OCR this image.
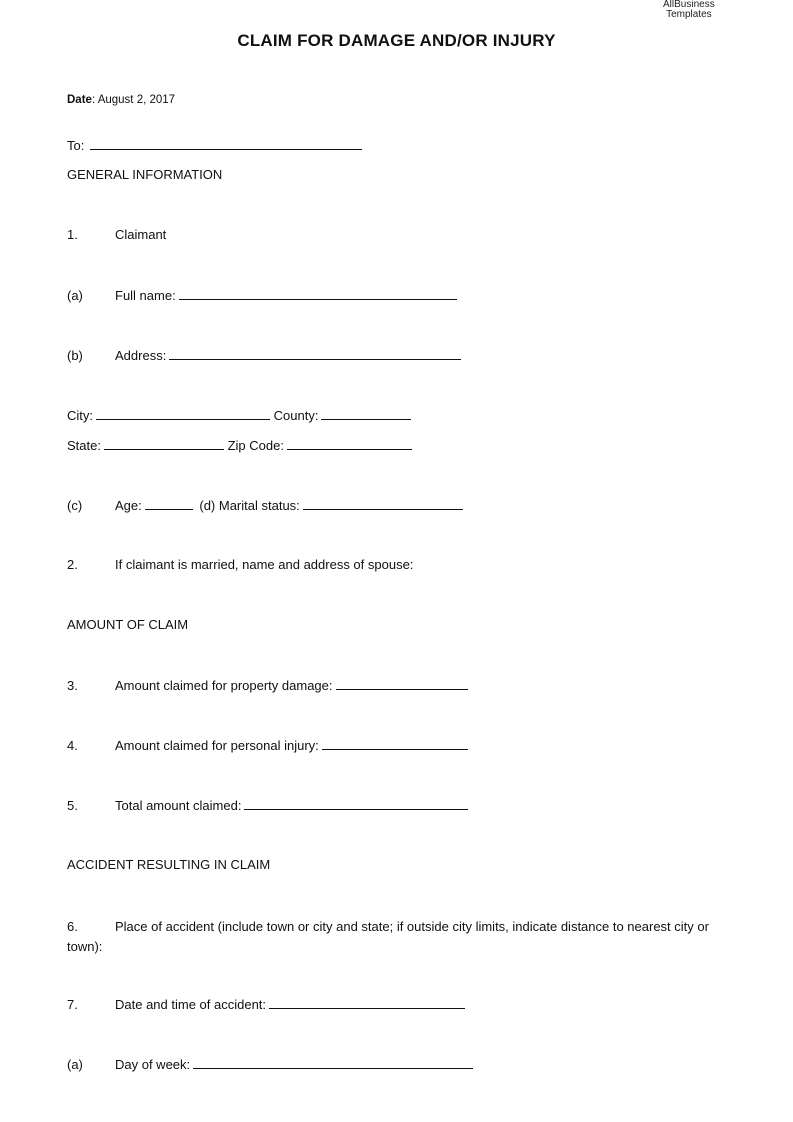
AllBusiness
Templates
CLAIM FOR DAMAGE AND/OR INJURY
Date: August 2, 2017
To:
GENERAL INFORMATION
1.	Claimant
(a) Full name:
(b) Address:
City:	County:
State:	Zip Code:
(c)	Age:	(d) Marital status:
2.	If claimant is married, name and address of spouse:
AMOUNT OF CLAIM
3.	Amount claimed for property damage:
4.	Amount claimed for personal injury:
5.	Total amount claimed:
ACCIDENT RESULTING IN CLAIM
6.	Place of accident (include town or city and state; if outside city limits, indicate distance to nearest city or town):
7.	Date and time of accident:
(a) Day of week:
